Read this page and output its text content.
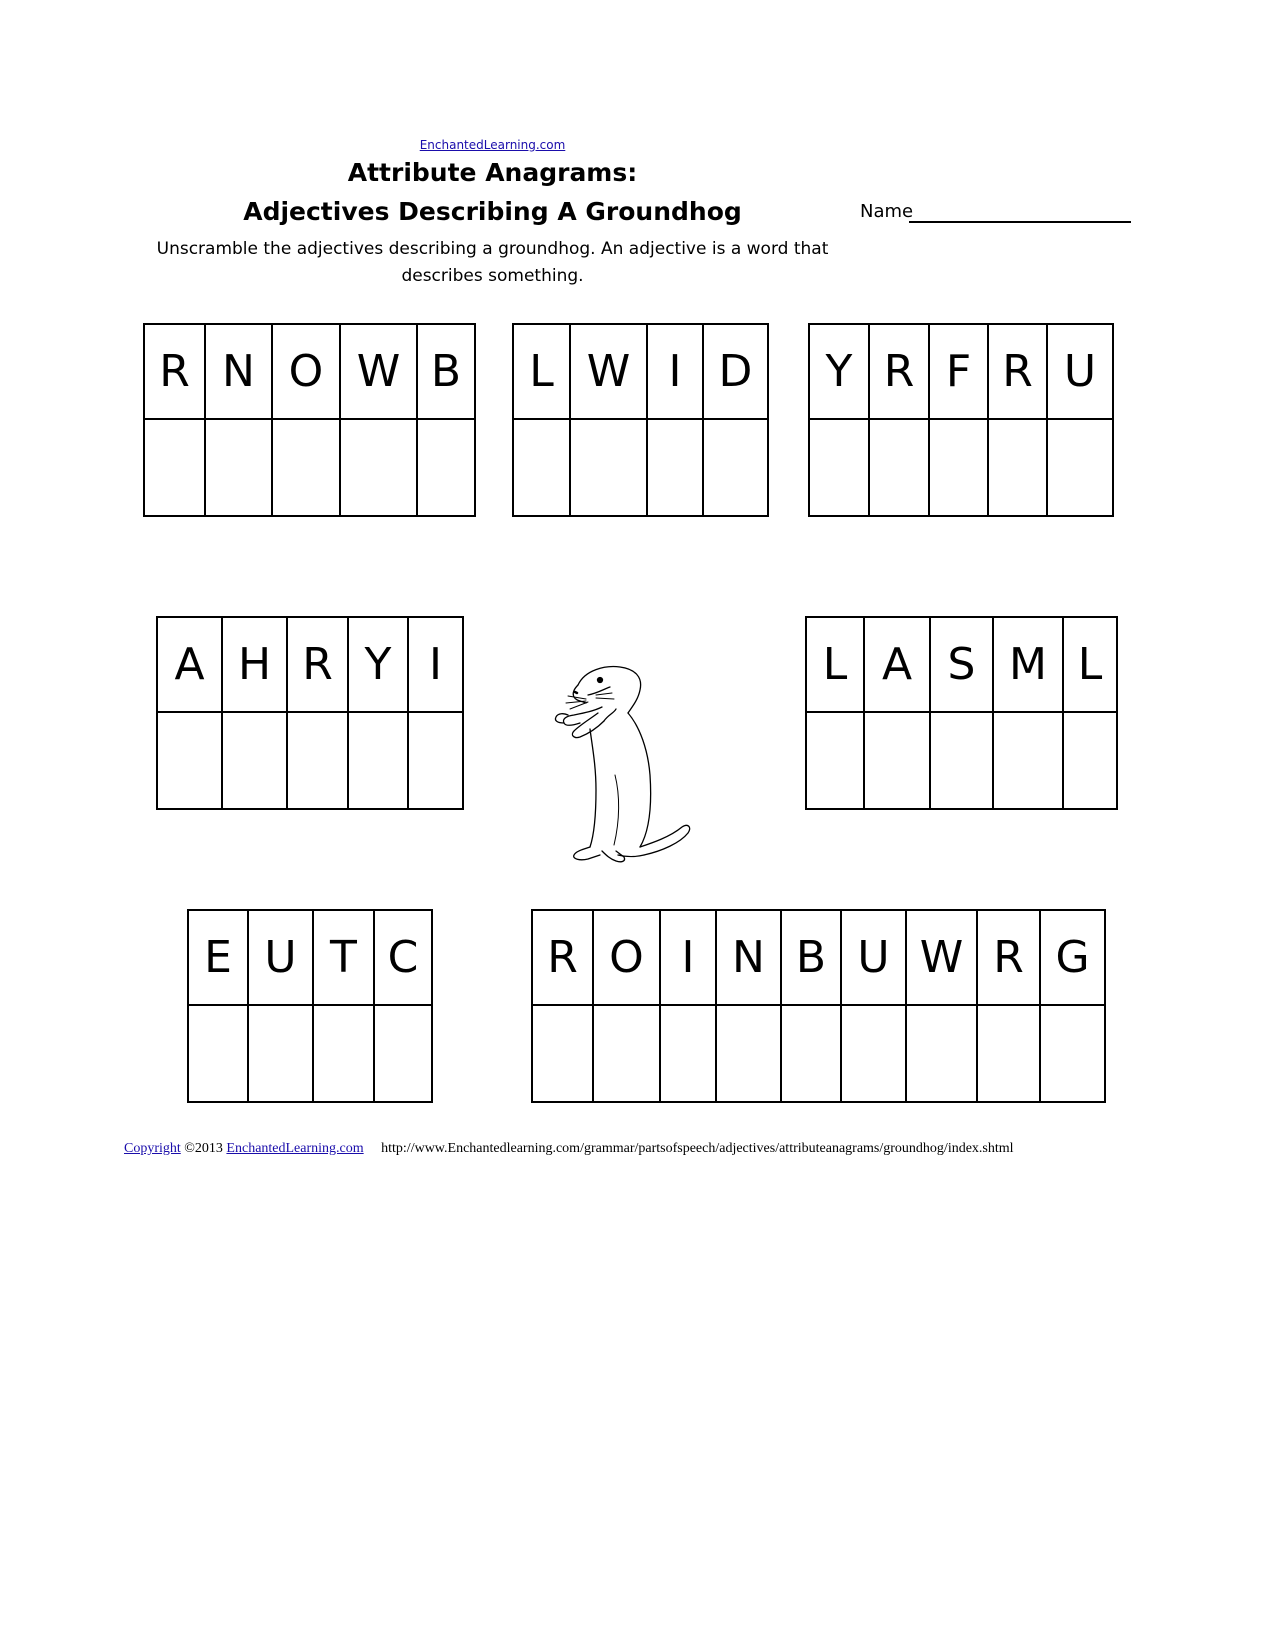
EnchantedLearning.com
Attribute Anagrams:
Adjectives Describing A Groundhog
Unscramble the adjectives describing a groundhog. An adjective is a word that describes something.
Name
R N O W B	L W I D	Y R F R U
A H R Y I	L A S M L
E U T C	R O I N B U W R G
Copyright ©2013 EnchantedLearning.com http://www.Enchantedlearning.com/grammar/partsofspeech/adjectives/attributeanagrams/groundhog/index.shtml
